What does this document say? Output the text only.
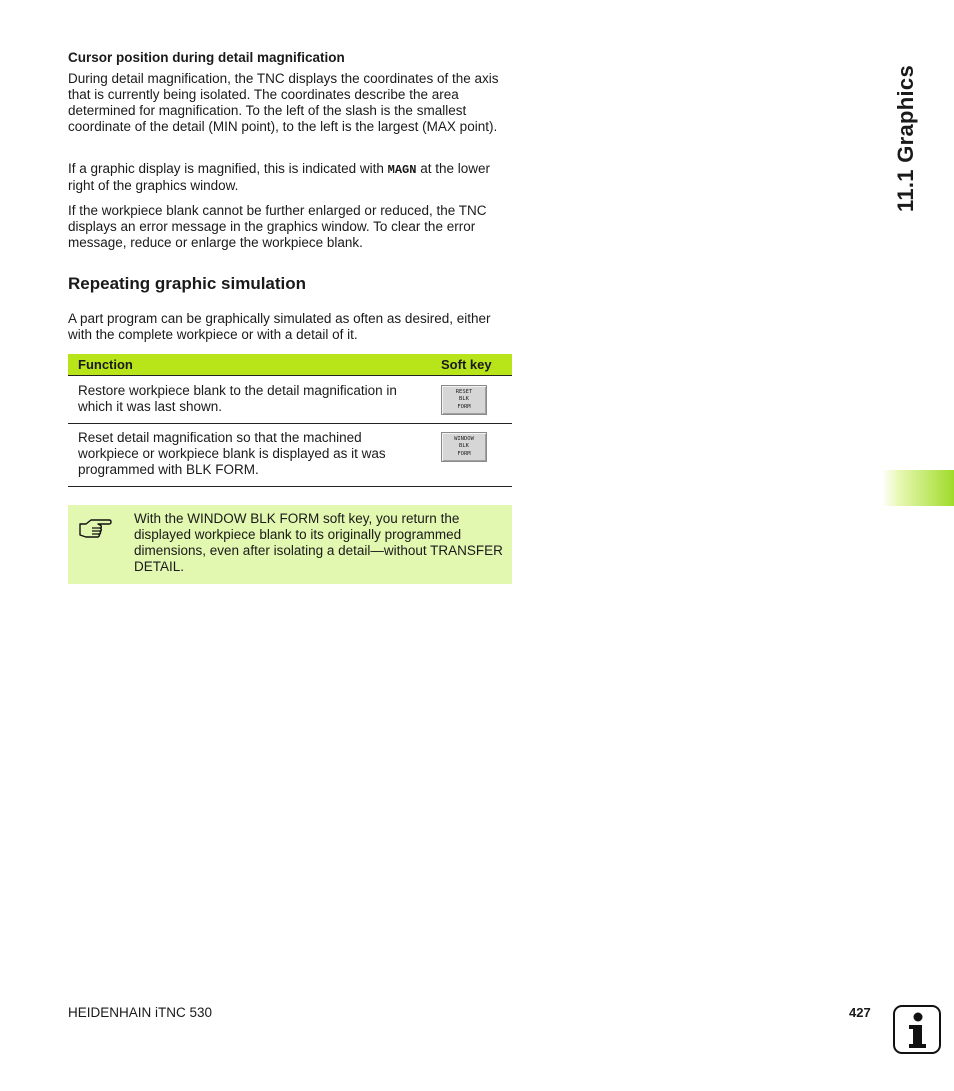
Cursor position during detail magnification
During detail magnification, the TNC displays the coordinates of the axis that is currently being isolated. The coordinates describe the area determined for magnification. To the left of the slash is the smallest coordinate of the detail (MIN point), to the left is the largest (MAX point).
If a graphic display is magnified, this is indicated with MAGN at the lower right of the graphics window.
If the workpiece blank cannot be further enlarged or reduced, the TNC displays an error message in the graphics window. To clear the error message, reduce or enlarge the workpiece blank.
Repeating graphic simulation
A part program can be graphically simulated as often as desired, either with the complete workpiece or with a detail of it.
Function	Soft key
Restore workpiece blank to the detail magnification in which it was last shown.
RESET
BLK
FORM
Reset detail magnification so that the machined workpiece or workpiece blank is displayed as it was programmed with BLK FORM.
WINDOW
BLK
FORM
With the WINDOW BLK FORM soft key, you return the displayed workpiece blank to its originally programmed dimensions, even after isolating a detail—without TRANSFER DETAIL.
11.1 Graphics
HEIDENHAIN iTNC 530	427
